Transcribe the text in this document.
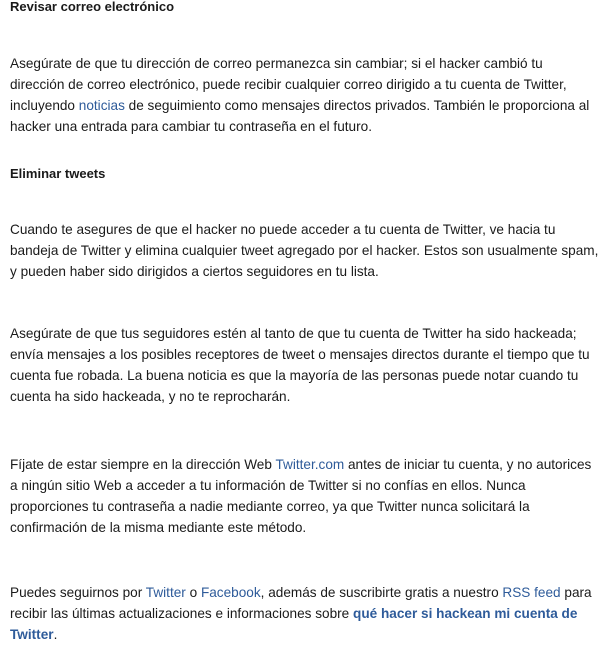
Revisar correo electrónico

Asegúrate de que tu dirección de correo permanezca sin cambiar; si el hacker cambió tu dirección de correo electrónico, puede recibir cualquier correo dirigido a tu cuenta de Twitter, incluyendo noticias de seguimiento como mensajes directos privados. También le proporciona al hacker una entrada para cambiar tu contraseña en el futuro.

Eliminar tweets

Cuando te asegures de que el hacker no puede acceder a tu cuenta de Twitter, ve hacia tu bandeja de Twitter y elimina cualquier tweet agregado por el hacker. Estos son usualmente spam, y pueden haber sido dirigidos a ciertos seguidores en tu lista.

Asegúrate de que tus seguidores estén al tanto de que tu cuenta de Twitter ha sido hackeada; envía mensajes a los posibles receptores de tweet o mensajes directos durante el tiempo que tu cuenta fue robada. La buena noticia es que la mayoría de las personas puede notar cuando tu cuenta ha sido hackeada, y no te reprocharán.

Fíjate de estar siempre en la dirección Web Twitter.com antes de iniciar tu cuenta, y no autorices a ningún sitio Web a acceder a tu información de Twitter si no confías en ellos. Nunca proporciones tu contraseña a nadie mediante correo, ya que Twitter nunca solicitará la confirmación de la misma mediante este método.

Puedes seguirnos por Twitter o Facebook, además de suscribirte gratis a nuestro RSS feed para recibir las últimas actualizaciones e informaciones sobre qué hacer si hackean mi cuenta de Twitter.
